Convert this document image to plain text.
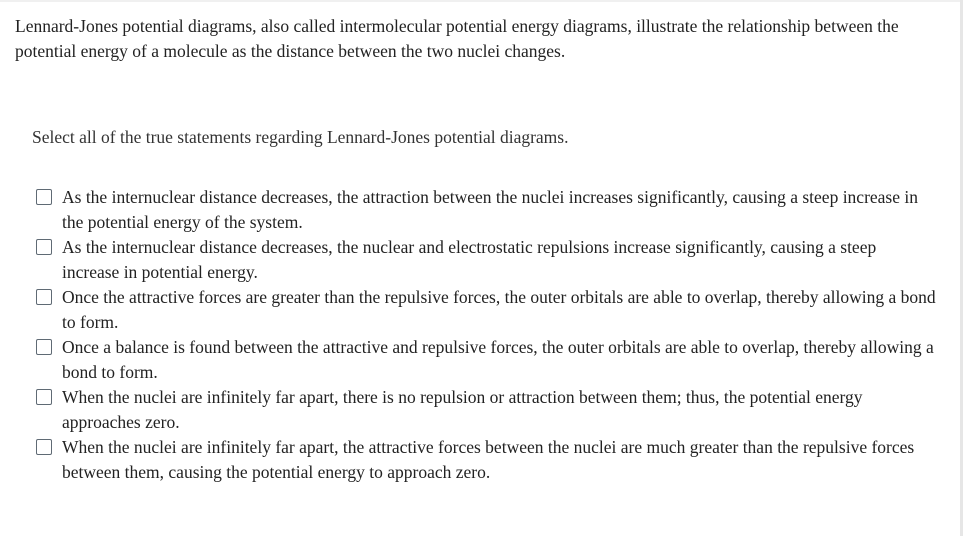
Lennard-Jones potential diagrams, also called intermolecular potential energy diagrams, illustrate the relationship between the potential energy of a molecule as the distance between the two nuclei changes.

Select all of the true statements regarding Lennard-Jones potential diagrams.

As the internuclear distance decreases, the attraction between the nuclei increases significantly, causing a steep increase in the potential energy of the system.
As the internuclear distance decreases, the nuclear and electrostatic repulsions increase significantly, causing a steep increase in potential energy.
Once the attractive forces are greater than the repulsive forces, the outer orbitals are able to overlap, thereby allowing a bond to form.
Once a balance is found between the attractive and repulsive forces, the outer orbitals are able to overlap, thereby allowing a bond to form.
When the nuclei are infinitely far apart, there is no repulsion or attraction between them; thus, the potential energy approaches zero.
When the nuclei are infinitely far apart, the attractive forces between the nuclei are much greater than the repulsive forces between them, causing the potential energy to approach zero.
